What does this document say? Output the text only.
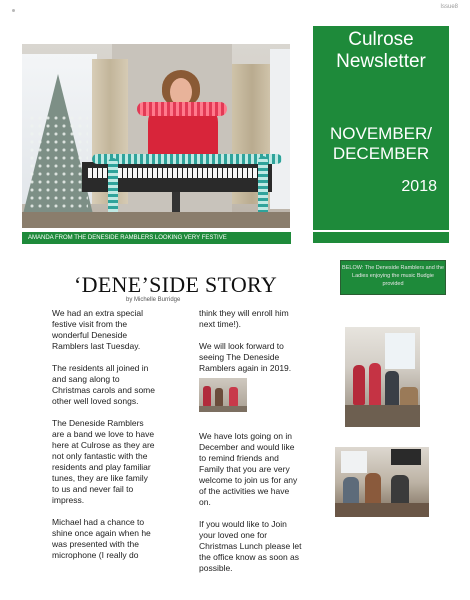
Issue8
AMANDA FROM THE DENESIDE RAMBLERS LOOKING VERY FESTIVE
Culrose Newsletter
NOVEMBER/ DECEMBER
2018
BELOW: The Deneside Ramblers and the Ladies enjoying the music Budgie provided
‘DENE’SIDE STORY
by Michelle Burridge

We had an extra special festive visit from the wonderful Deneside Ramblers last Tuesday.

The residents all joined in and sang along to Christmas carols and some other well loved songs.

The Deneside Ramblers are a band we love to have here at Culrose as they are not only fantastic with the residents and play familiar tunes, they are like family to us and never fail to impress.

Michael had a chance to shine once again when he was presented with the microphone (I really do

think they will enroll him next time!).

We will look forward to seeing The Deneside Ramblers again in 2019.

We have lots going on in December and would like to remind friends and Family that you are very welcome to join us for any of the activities we have on.

If you would like to Join your loved one for Christmas Lunch please let the office know as soon as possible.
